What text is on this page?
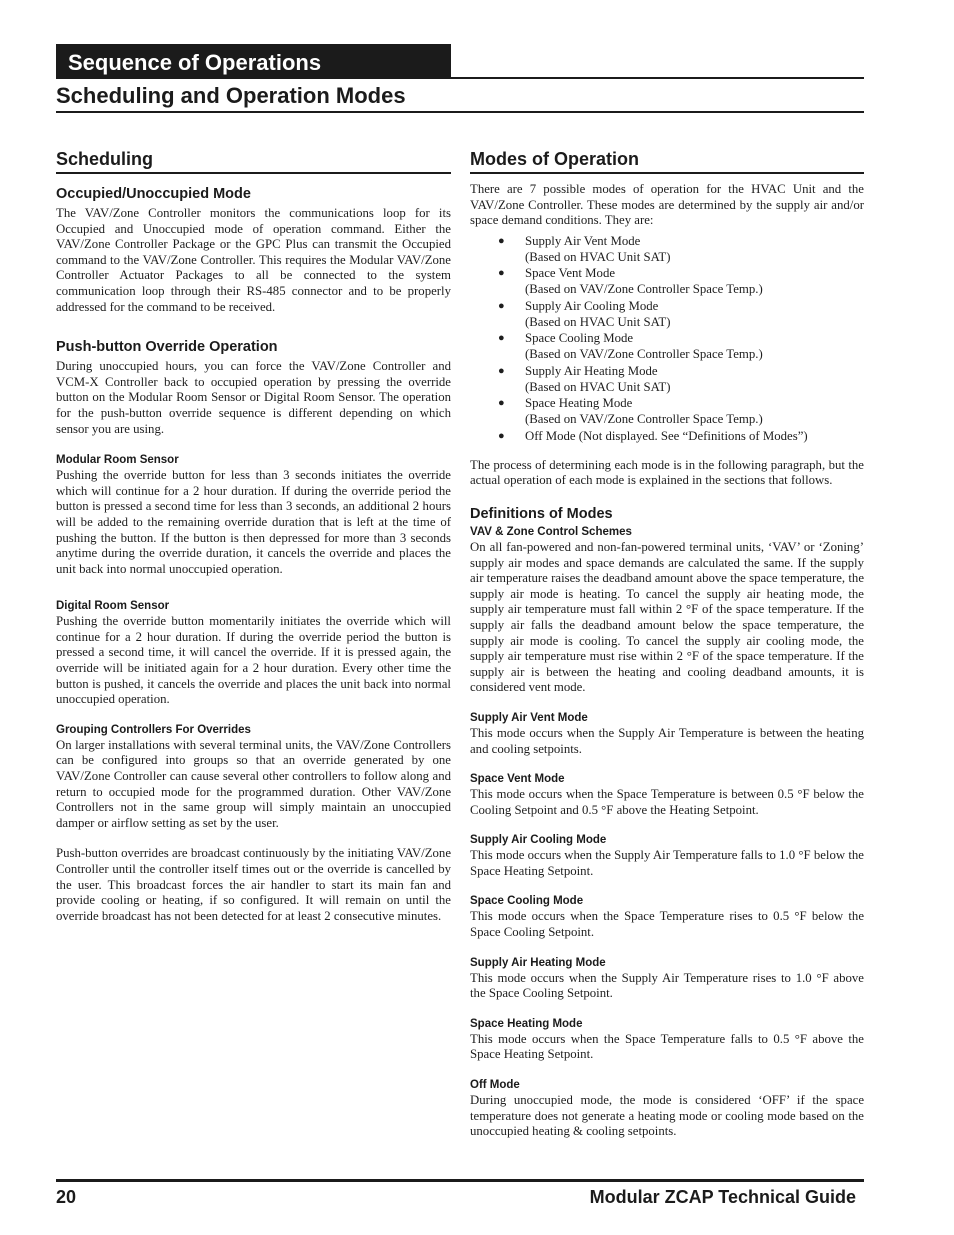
Sequence of Operations
Scheduling and Operation Modes
Scheduling
Occupied/Unoccupied Mode

The VAV/Zone Controller monitors the communications loop for its Occupied and Unoccupied mode of operation command. Either the VAV/Zone Controller Package or the GPC Plus can transmit the Occupied command to the VAV/Zone Controller. This requires the Modular VAV/Zone Controller Actuator Packages to all be connected to the system communication loop through their RS-485 connector and to be properly addressed for the command to be received.

Push-button Override Operation

During unoccupied hours, you can force the VAV/Zone Controller and VCM-X Controller back to occupied operation by pressing the override button on the Modular Room Sensor or Digital Room Sensor. The operation for the push-button override sequence is different depending on which sensor you are using.

Modular Room Sensor

Pushing the override button for less than 3 seconds initiates the override which will continue for a 2 hour duration. If during the override period the button is pressed a second time for less than 3 seconds, an additional 2 hours will be added to the remaining override duration that is left at the time of pushing the button. If the button is then depressed for more than 3 seconds anytime during the override duration, it cancels the override and places the unit back into normal unoccupied operation.

Digital Room Sensor

Pushing the override button momentarily initiates the override which will continue for a 2 hour duration. If during the override period the button is pressed a second time, it will cancel the override. If it is pressed again, the override will be initiated again for a 2 hour duration. Every other time the button is pushed, it cancels the override and places the unit back into normal unoccupied operation.

Grouping Controllers For Overrides

On larger installations with several terminal units, the VAV/Zone Controllers can be configured into groups so that an override generated by one VAV/Zone Controller can cause several other controllers to follow along and return to occupied mode for the programmed duration. Other VAV/Zone Controllers not in the same group will simply maintain an unoccupied damper or airflow setting as set by the user.

Push-button overrides are broadcast continuously by the initiating VAV/Zone Controller until the controller itself times out or the override is cancelled by the user. This broadcast forces the air handler to start its main fan and provide cooling or heating, if so configured. It will remain on until the override broadcast has not been detected for at least 2 consecutive minutes.

Modes of Operation

There are 7 possible modes of operation for the HVAC Unit and the VAV/Zone Controller. These modes are determined by the supply air and/or space demand conditions. They are:

● Supply Air Vent Mode
(Based on HVAC Unit SAT)
● Space Vent Mode
(Based on VAV/Zone Controller Space Temp.)
● Supply Air Cooling Mode
(Based on HVAC Unit SAT)
● Space Cooling Mode
(Based on VAV/Zone Controller Space Temp.)
● Supply Air Heating Mode
(Based on HVAC Unit SAT)
● Space Heating Mode
(Based on VAV/Zone Controller Space Temp.)
● Off Mode (Not displayed. See “Definitions of Modes”)

The process of determining each mode is in the following paragraph, but the actual operation of each mode is explained in the sections that follows.

Definitions of Modes
VAV & Zone Control Schemes

On all fan-powered and non-fan-powered terminal units, ‘VAV’ or ‘Zoning’ supply air modes and space demands are calculated the same. If the supply air temperature raises the deadband amount above the space temperature, the supply air mode is heating. To cancel the supply air heating mode, the supply air temperature must fall within 2 °F of the space temperature. If the supply air falls the deadband amount below the space temperature, the supply air mode is cooling. To cancel the supply air cooling mode, the supply air temperature must rise within 2 °F of the space temperature. If the supply air is between the heating and cooling deadband amounts, it is considered vent mode.

Supply Air Vent Mode

This mode occurs when the Supply Air Temperature is between the heating and cooling setpoints.

Space Vent Mode

This mode occurs when the Space Temperature is between 0.5 °F below the Cooling Setpoint and 0.5 °F above the Heating Setpoint.

Supply Air Cooling Mode

This mode occurs when the Supply Air Temperature falls to 1.0 °F below the Space Heating Setpoint.

Space Cooling Mode

This mode occurs when the Space Temperature rises to 0.5 °F below the Space Cooling Setpoint.

Supply Air Heating Mode

This mode occurs when the Supply Air Temperature rises to 1.0 °F above the Space Cooling Setpoint.

Space Heating Mode

This mode occurs when the Space Temperature falls to 0.5 °F above the Space Heating Setpoint.

Off Mode

During unoccupied mode, the mode is considered ‘OFF’ if the space temperature does not generate a heating mode or cooling mode based on the unoccupied heating & cooling setpoints.

20	Modular ZCAP Technical Guide
